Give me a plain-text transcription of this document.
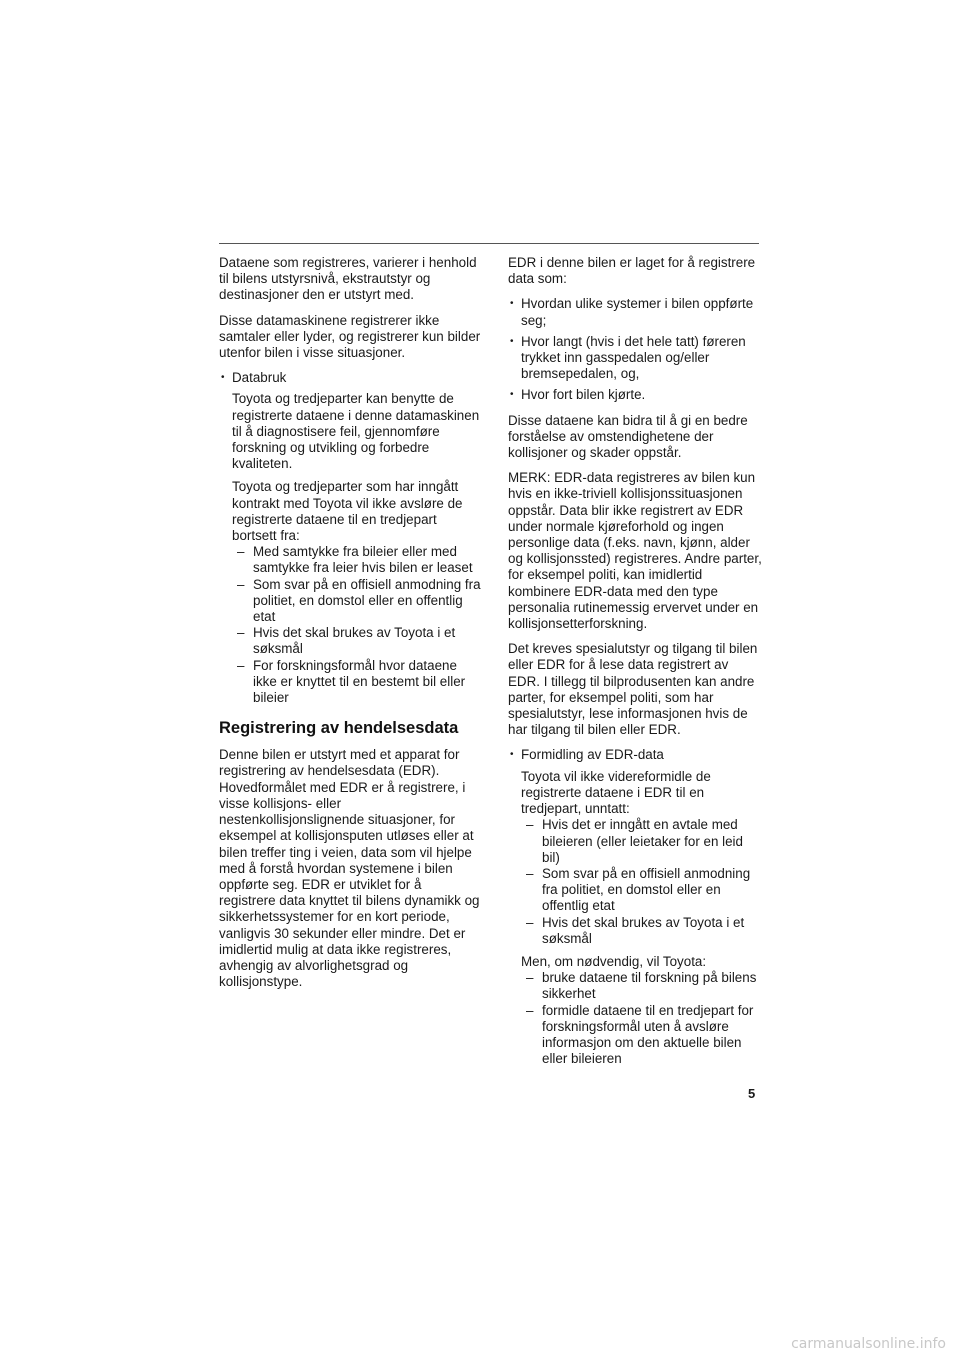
Dataene som registreres, varierer i henhold til bilens utstyrsnivå, ekstrautstyr og destinasjoner den er utstyrt med.

Disse datamaskinene registrerer ikke samtaler eller lyder, og registrerer kun bilder utenfor bilen i visse situasjoner.

• Databruk
Toyota og tredjeparter kan benytte de registrerte dataene i denne datamaskinen til å diagnostisere feil, gjennomføre forskning og utvikling og forbedre kvaliteten.
Toyota og tredjeparter som har inngått kontrakt med Toyota vil ikke avsløre de registrerte dataene til en tredjepart bortsett fra:
– Med samtykke fra bileier eller med samtykke fra leier hvis bilen er leaset
– Som svar på en offisiell anmodning fra politiet, en domstol eller en offentlig etat
– Hvis det skal brukes av Toyota i et søksmål
– For forskningsformål hvor dataene ikke er knyttet til en bestemt bil eller bileier
Registrering av hendelsesdata

Denne bilen er utstyrt med et apparat for registrering av hendelsesdata (EDR). Hovedformålet med EDR er å registrere, i visse kollisjons- eller nestenkollisjonslignende situasjoner, for eksempel at kollisjonsputen utløses eller at bilen treffer ting i veien, data som vil hjelpe med å forstå hvordan systemene i bilen oppførte seg. EDR er utviklet for å registrere data knyttet til bilens dynamikk og sikkerhetssystemer for en kort periode, vanligvis 30 sekunder eller mindre. Det er imidlertid mulig at data ikke registreres, avhengig av alvorlighetsgrad og kollisjonstype.

EDR i denne bilen er laget for å registrere data som:

• Hvordan ulike systemer i bilen oppførte seg;
• Hvor langt (hvis i det hele tatt) føreren trykket inn gasspedalen og/eller bremsepedalen, og,
• Hvor fort bilen kjørte.

Disse dataene kan bidra til å gi en bedre forståelse av omstendighetene der kollisjoner og skader oppstår.

MERK: EDR-data registreres av bilen kun hvis en ikke-triviell kollisjonssituasjonen oppstår. Data blir ikke registrert av EDR under normale kjøreforhold og ingen personlige data (f.eks. navn, kjønn, alder og kollisjonssted) registreres. Andre parter, for eksempel politi, kan imidlertid kombinere EDR-data med den type personalia rutinemessig ervervet under en kollisjonsetterforskning.

Det kreves spesialutstyr og tilgang til bilen eller EDR for å lese data registrert av EDR. I tillegg til bilprodusenten kan andre parter, for eksempel politi, som har spesialutstyr, lese informasjonen hvis de har tilgang til bilen eller EDR.

• Formidling av EDR-data
Toyota vil ikke videreformidle de registrerte dataene i EDR til en tredjepart, unntatt:
– Hvis det er inngått en avtale med bileieren (eller leietaker for en leid bil)
– Som svar på en offisiell anmodning fra politiet, en domstol eller en offentlig etat
– Hvis det skal brukes av Toyota i et søksmål
Men, om nødvendig, vil Toyota:
– bruke dataene til forskning på bilens sikkerhet
– formidle dataene til en tredjepart for forskningsformål uten å avsløre informasjon om den aktuelle bilen eller bileieren
5
carmanualsonline.info
